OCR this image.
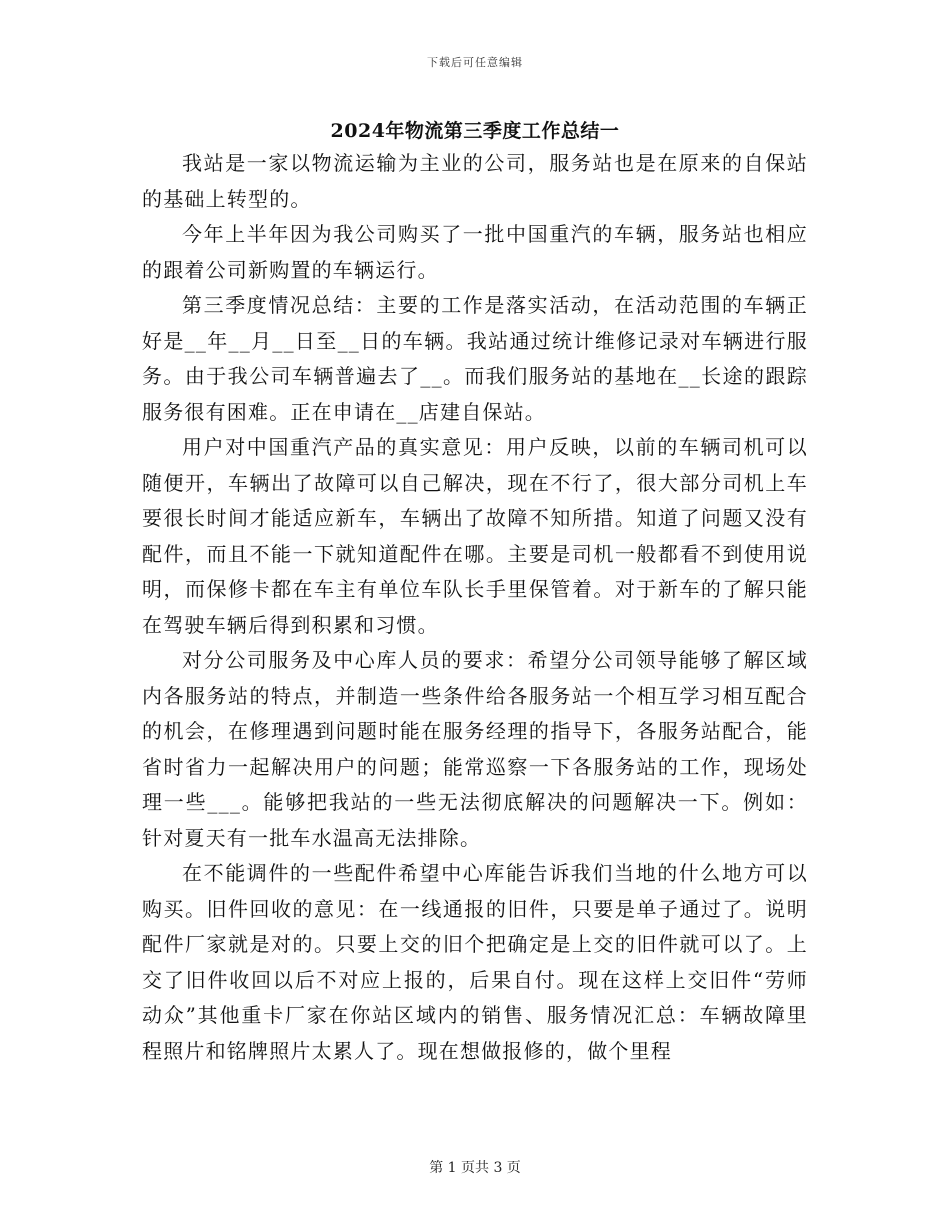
下载后可任意编辑
2024年物流第三季度工作总结一

我站是一家以物流运输为主业的公司，服务站也是在原来的自保站的基础上转型的。

今年上半年因为我公司购买了一批中国重汽的车辆，服务站也相应的跟着公司新购置的车辆运行。

第三季度情况总结：主要的工作是落实活动，在活动范围的车辆正好是__年__月__日至__日的车辆。我站通过统计维修记录对车辆进行服务。由于我公司车辆普遍去了__。而我们服务站的基地在__长途的跟踪服务很有困难。正在申请在__店建自保站。

用户对中国重汽产品的真实意见：用户反映，以前的车辆司机可以随便开，车辆出了故障可以自己解决，现在不行了，很大部分司机上车要很长时间才能适应新车，车辆出了故障不知所措。知道了问题又没有配件，而且不能一下就知道配件在哪。主要是司机一般都看不到使用说明，而保修卡都在车主有单位车队长手里保管着。对于新车的了解只能在驾驶车辆后得到积累和习惯。

对分公司服务及中心库人员的要求：希望分公司领导能够了解区域内各服务站的特点，并制造一些条件给各服务站一个相互学习相互配合的机会，在修理遇到问题时能在服务经理的指导下，各服务站配合，能省时省力一起解决用户的问题；能常巡察一下各服务站的工作，现场处理一些___。能够把我站的一些无法彻底解决的问题解决一下。例如：针对夏天有一批车水温高无法排除。

在不能调件的一些配件希望中心库能告诉我们当地的什么地方可以购买。旧件回收的意见：在一线通报的旧件，只要是单子通过了。说明配件厂家就是对的。只要上交的旧个把确定是上交的旧件就可以了。上交了旧件收回以后不对应上报的，后果自付。现在这样上交旧件“劳师动众”其他重卡厂家在你站区域内的销售、服务情况汇总：车辆故障里程照片和铭牌照片太累人了。现在想做报修的，做个里程

第 1 页共 3 页
